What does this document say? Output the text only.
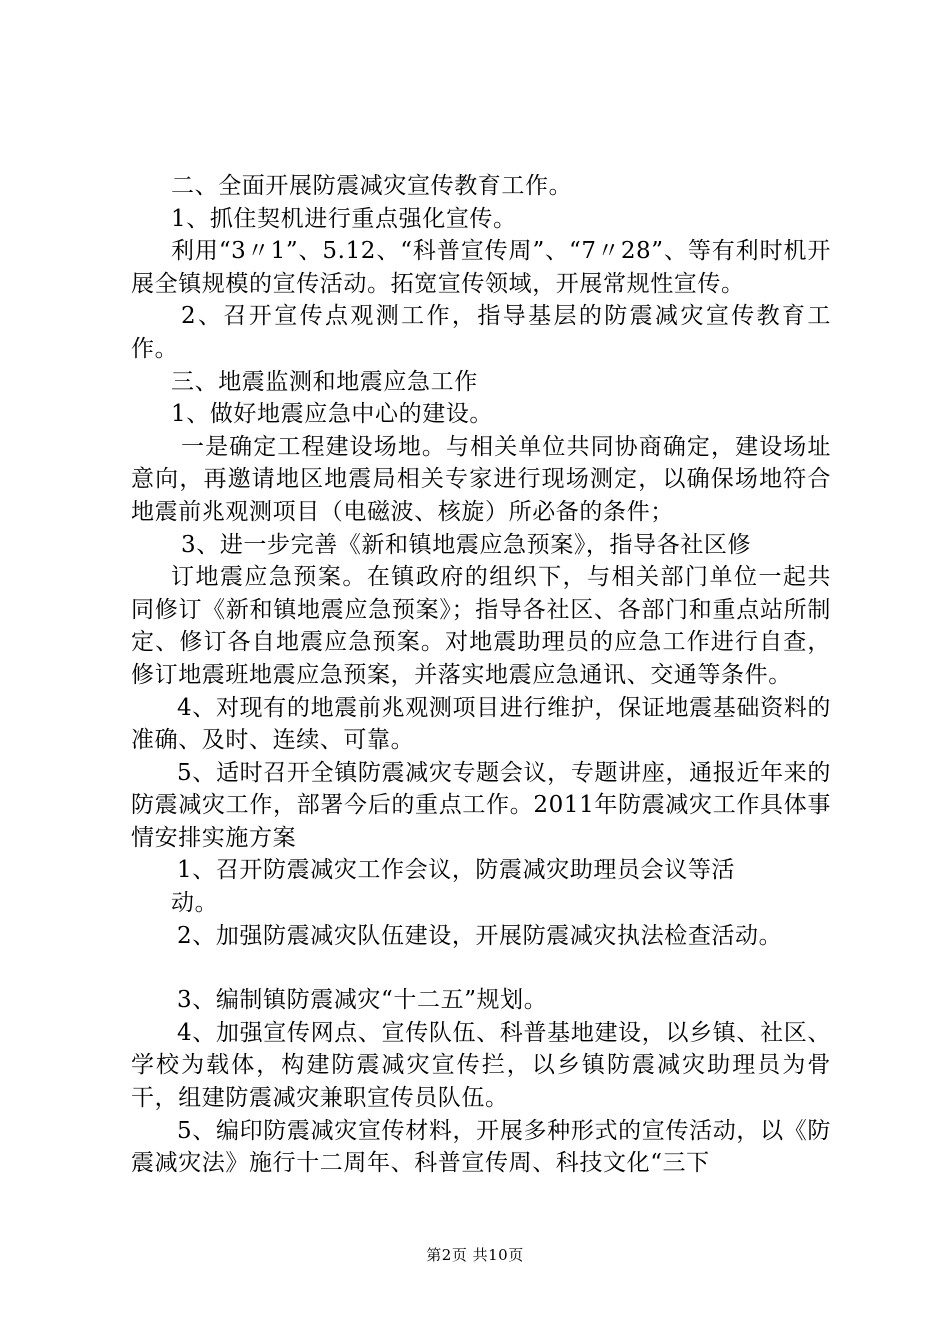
二、全面开展防震减灾宣传教育工作。

1、抓住契机进行重点强化宣传。

利用“3〃1”、5.12、“科普宣传周”、“7〃28”、等有利时机开展全镇规模的宣传活动。拓宽宣传领域，开展常规性宣传。

2、召开宣传点观测工作，指导基层的防震减灾宣传教育工作。

三、地震监测和地震应急工作

1、做好地震应急中心的建设。

一是确定工程建设场地。与相关单位共同协商确定，建设场址意向，再邀请地区地震局相关专家进行现场测定，以确保场地符合地震前兆观测项目（电磁波、核旋）所必备的条件；

3、进一步完善《新和镇地震应急预案》，指导各社区修

订地震应急预案。在镇政府的组织下，与相关部门单位一起共同修订《新和镇地震应急预案》；指导各社区、各部门和重点站所制定、修订各自地震应急预案。对地震助理员的应急工作进行自查，修订地震班地震应急预案，并落实地震应急通讯、交通等条件。

4、对现有的地震前兆观测项目进行维护，保证地震基础资料的准确、及时、连续、可靠。

5、适时召开全镇防震减灾专题会议，专题讲座，通报近年来的防震减灾工作，部署今后的重点工作。2011年防震减灾工作具体事情安排实施方案

1、召开防震减灾工作会议，防震减灾助理员会议等活

动。

2、加强防震减灾队伍建设，开展防震减灾执法检查活动。

3、编制镇防震减灾“十二五”规划。

4、加强宣传网点、宣传队伍、科普基地建设，以乡镇、社区、学校为载体，构建防震减灾宣传拦，以乡镇防震减灾助理员为骨干，组建防震减灾兼职宣传员队伍。

5、编印防震减灾宣传材料，开展多种形式的宣传活动，以《防震减灾法》施行十二周年、科普宣传周、科技文化“三下

第2页 共10页
